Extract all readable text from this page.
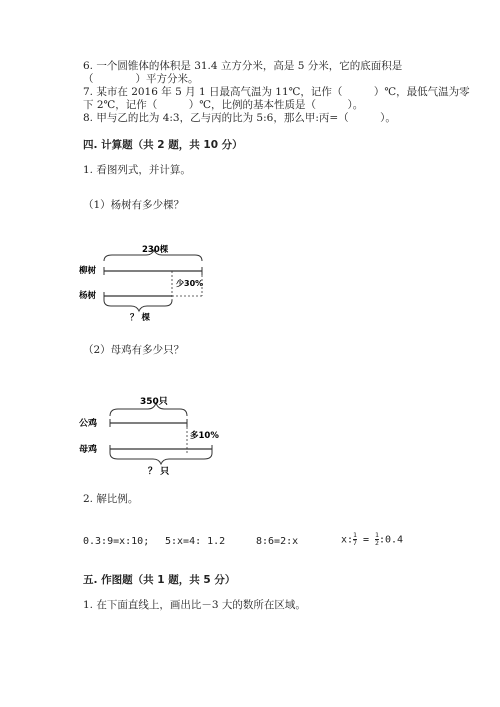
6. 一个圆锥体的体积是 31.4 立方分米，高是 5 分米，它的底面积是
（　　　　）平方分米。
7. 某市在 2016 年 5 月 1 日最高气温为 11℃，记作（　　　）℃，最低气温为零
下 2℃，记作（　　　）℃，比例的基本性质是（　　　）。
8. 甲与乙的比为 4:3，乙与丙的比为 5:6，那么甲:丙=（　　　）。
四. 计算题（共 2 题，共 10 分）
1. 看图列式，并计算。
（1）杨树有多少棵？
230棵
柳树
杨树
少30%
？ 棵
（2）母鸡有多少只？
350只
公鸡
母鸡
多10%
？ 只
2. 解比例。
0.3:9=x:10; 5:x=4: 1.2	8:6=2:x	x: $\frac{1}{7} = \frac{1}{2}$ :0.4
五. 作图题（共 1 题，共 5 分）
1. 在下面直线上，画出比－3 大的数所在区域。
